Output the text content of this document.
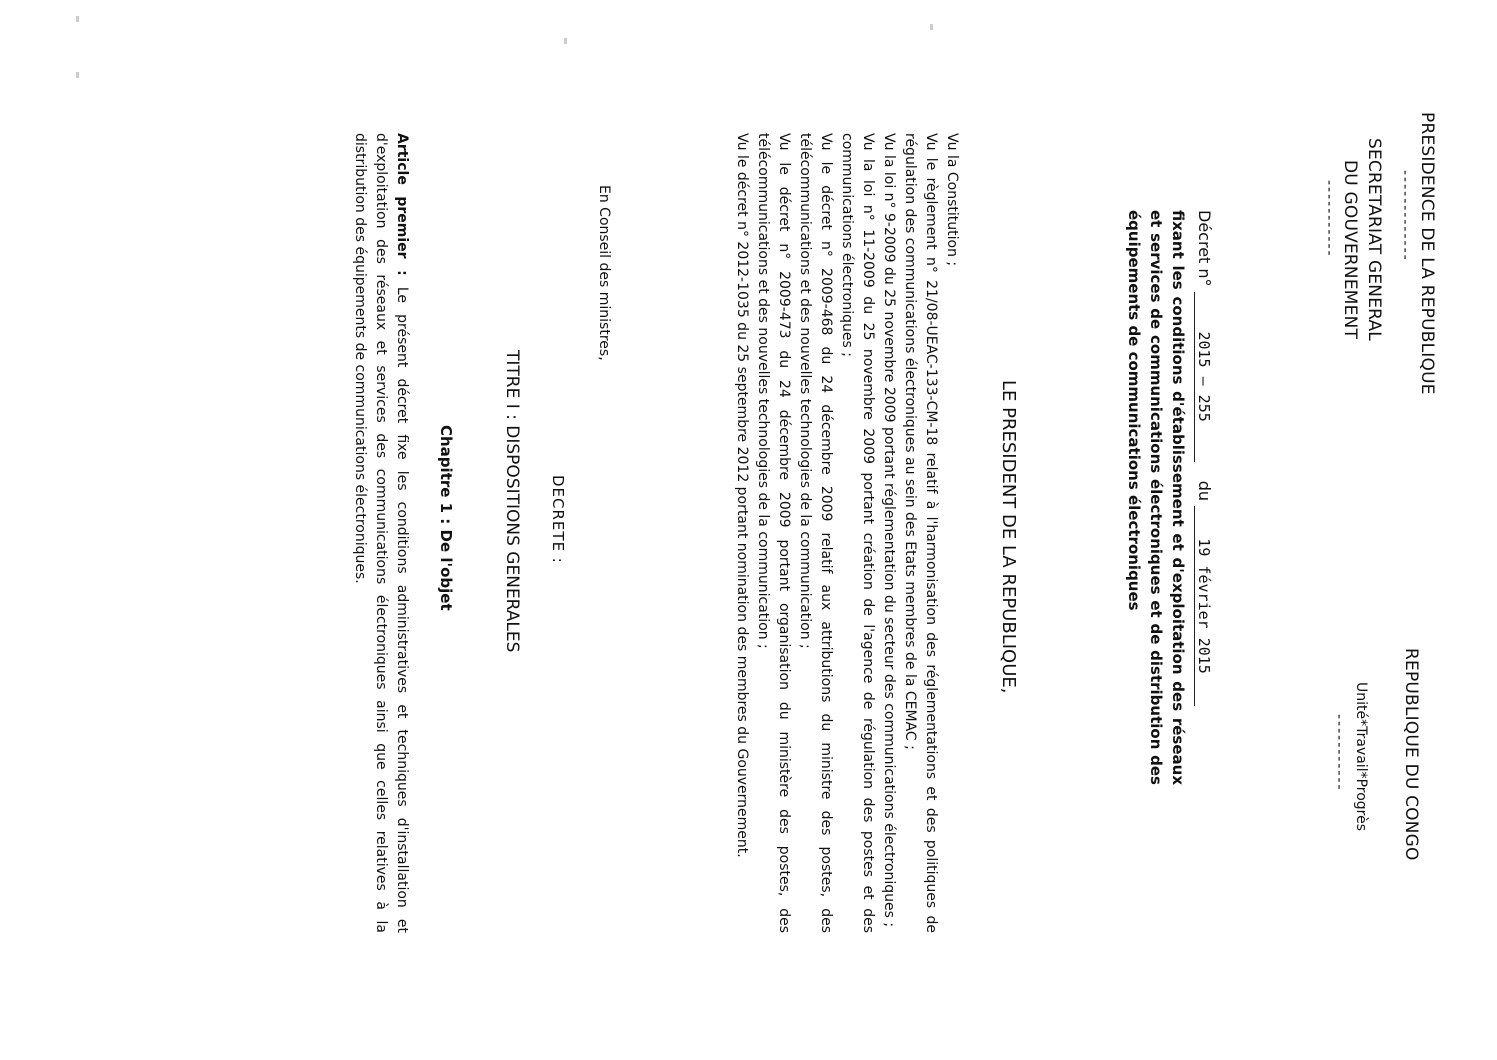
PRESIDENCE DE LA REPUBLIQUE
-------------
SECRETARIAT GENERAL
DU GOUVERNEMENT
-----------
REPUBLIQUE DU CONGO
Unité*Travail*Progrès
-----------
Décret n° 2015 – 255 du 19 février 2015
fixant les conditions d'établissement et d'exploitation des réseaux et services de communications électroniques et de distribution des équipements de communications électroniques
LE PRESIDENT DE LA REPUBLIQUE,

Vu la Constitution ;

Vu le règlement n° 21/08-UEAC-133-CM-18 relatif à l'harmonisation des réglementations et des politiques de régulation des communications électroniques au sein des Etats membres de la CEMAC ;

Vu la loi n° 9-2009 du 25 novembre 2009 portant réglementation du secteur des communications électroniques ;

Vu la loi n° 11-2009 du 25 novembre 2009 portant création de l'agence de régulation des postes et des communications électroniques ;

Vu le décret n° 2009-468 du 24 décembre 2009 relatif aux attributions du ministre des postes, des télécommunications et des nouvelles technologies de la communication ;

Vu le décret n° 2009-473 du 24 décembre 2009 portant organisation du ministère des postes, des télécommunications et des nouvelles technologies de la communication ;

Vu le décret n° 2012-1035 du 25 septembre 2012 portant nomination des membres du Gouvernement.

En Conseil des ministres,
DECRETE :
TITRE I : DISPOSITIONS GENERALES
Chapitre 1 : De l'objet
Article premier : Le présent décret fixe les conditions administratives et techniques d'installation et d'exploitation des réseaux et services des communications électroniques ainsi que celles relatives à la distribution des équipements de communications électroniques.
